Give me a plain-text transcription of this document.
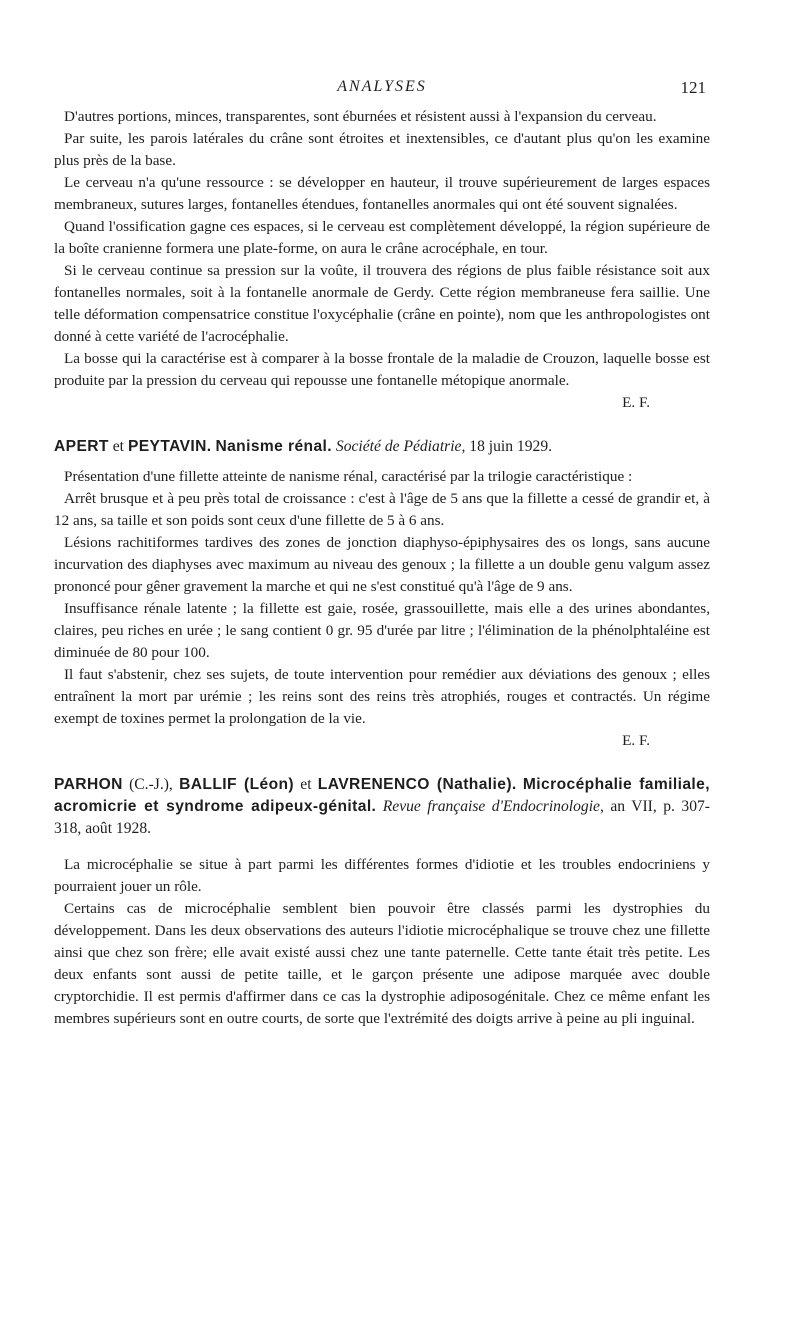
ANALYSES	121

D'autres portions, minces, transparentes, sont éburnées et résistent aussi à l'expansion du cerveau.

Par suite, les parois latérales du crâne sont étroites et inextensibles, ce d'autant plus qu'on les examine plus près de la base.

Le cerveau n'a qu'une ressource : se développer en hauteur, il trouve supérieurement de larges espaces membraneux, sutures larges, fontanelles étendues, fontanelles anormales qui ont été souvent signalées.

Quand l'ossification gagne ces espaces, si le cerveau est complètement développé, la région supérieure de la boîte cranienne formera une plate-forme, on aura le crâne acrocéphale, en tour.

Si le cerveau continue sa pression sur la voûte, il trouvera des régions de plus faible résistance soit aux fontanelles normales, soit à la fontanelle anormale de Gerdy. Cette région membraneuse fera saillie. Une telle déformation compensatrice constitue l'oxycéphalie (crâne en pointe), nom que les anthropologistes ont donné à cette variété de l'acrocéphalie.

La bosse qui la caractérise est à comparer à la bosse frontale de la maladie de Crouzon, laquelle bosse est produite par la pression du cerveau qui repousse une fontanelle métopique anormale.

E. F.

APERT et PEYTAVIN. Nanisme rénal. Société de Pédiatrie, 18 juin 1929.

Présentation d'une fillette atteinte de nanisme rénal, caractérisé par la trilogie caractéristique :

Arrêt brusque et à peu près total de croissance : c'est à l'âge de 5 ans que la fillette a cessé de grandir et, à 12 ans, sa taille et son poids sont ceux d'une fillette de 5 à 6 ans.

Lésions rachitiformes tardives des zones de jonction diaphyso-épiphysaires des os longs, sans aucune incurvation des diaphyses avec maximum au niveau des genoux ; la fillette a un double genu valgum assez prononcé pour gêner gravement la marche et qui ne s'est constitué qu'à l'âge de 9 ans.

Insuffisance rénale latente ; la fillette est gaie, rosée, grassouillette, mais elle a des urines abondantes, claires, peu riches en urée ; le sang contient 0 gr. 95 d'urée par litre ; l'élimination de la phénolphtaléine est diminuée de 80 pour 100.

Il faut s'abstenir, chez ses sujets, de toute intervention pour remédier aux déviations des genoux ; elles entraînent la mort par urémie ; les reins sont des reins très atrophiés, rouges et contractés. Un régime exempt de toxines permet la prolongation de la vie.

E. F.

PARHON (C.-J.), BALLIF (Léon) et LAVRENENCO (Nathalie). Microcéphalie familiale, acromicrie et syndrome adipeux-génital. Revue française d'Endocrinologie, an VII, p. 307-318, août 1928.

La microcéphalie se situe à part parmi les différentes formes d'idiotie et les troubles endocriniens y pourraient jouer un rôle.

Certains cas de microcéphalie semblent bien pouvoir être classés parmi les dystrophies du développement. Dans les deux observations des auteurs l'idiotie microcéphalique se trouve chez une fillette ainsi que chez son frère; elle avait existé aussi chez une tante paternelle. Cette tante était très petite. Les deux enfants sont aussi de petite taille, et le garçon présente une adipose marquée avec double cryptorchidie. Il est permis d'affirmer dans ce cas la dystrophie adiposogénitale. Chez ce même enfant les membres supérieurs sont en outre courts, de sorte que l'extrémité des doigts arrive à peine au pli inguinal.
